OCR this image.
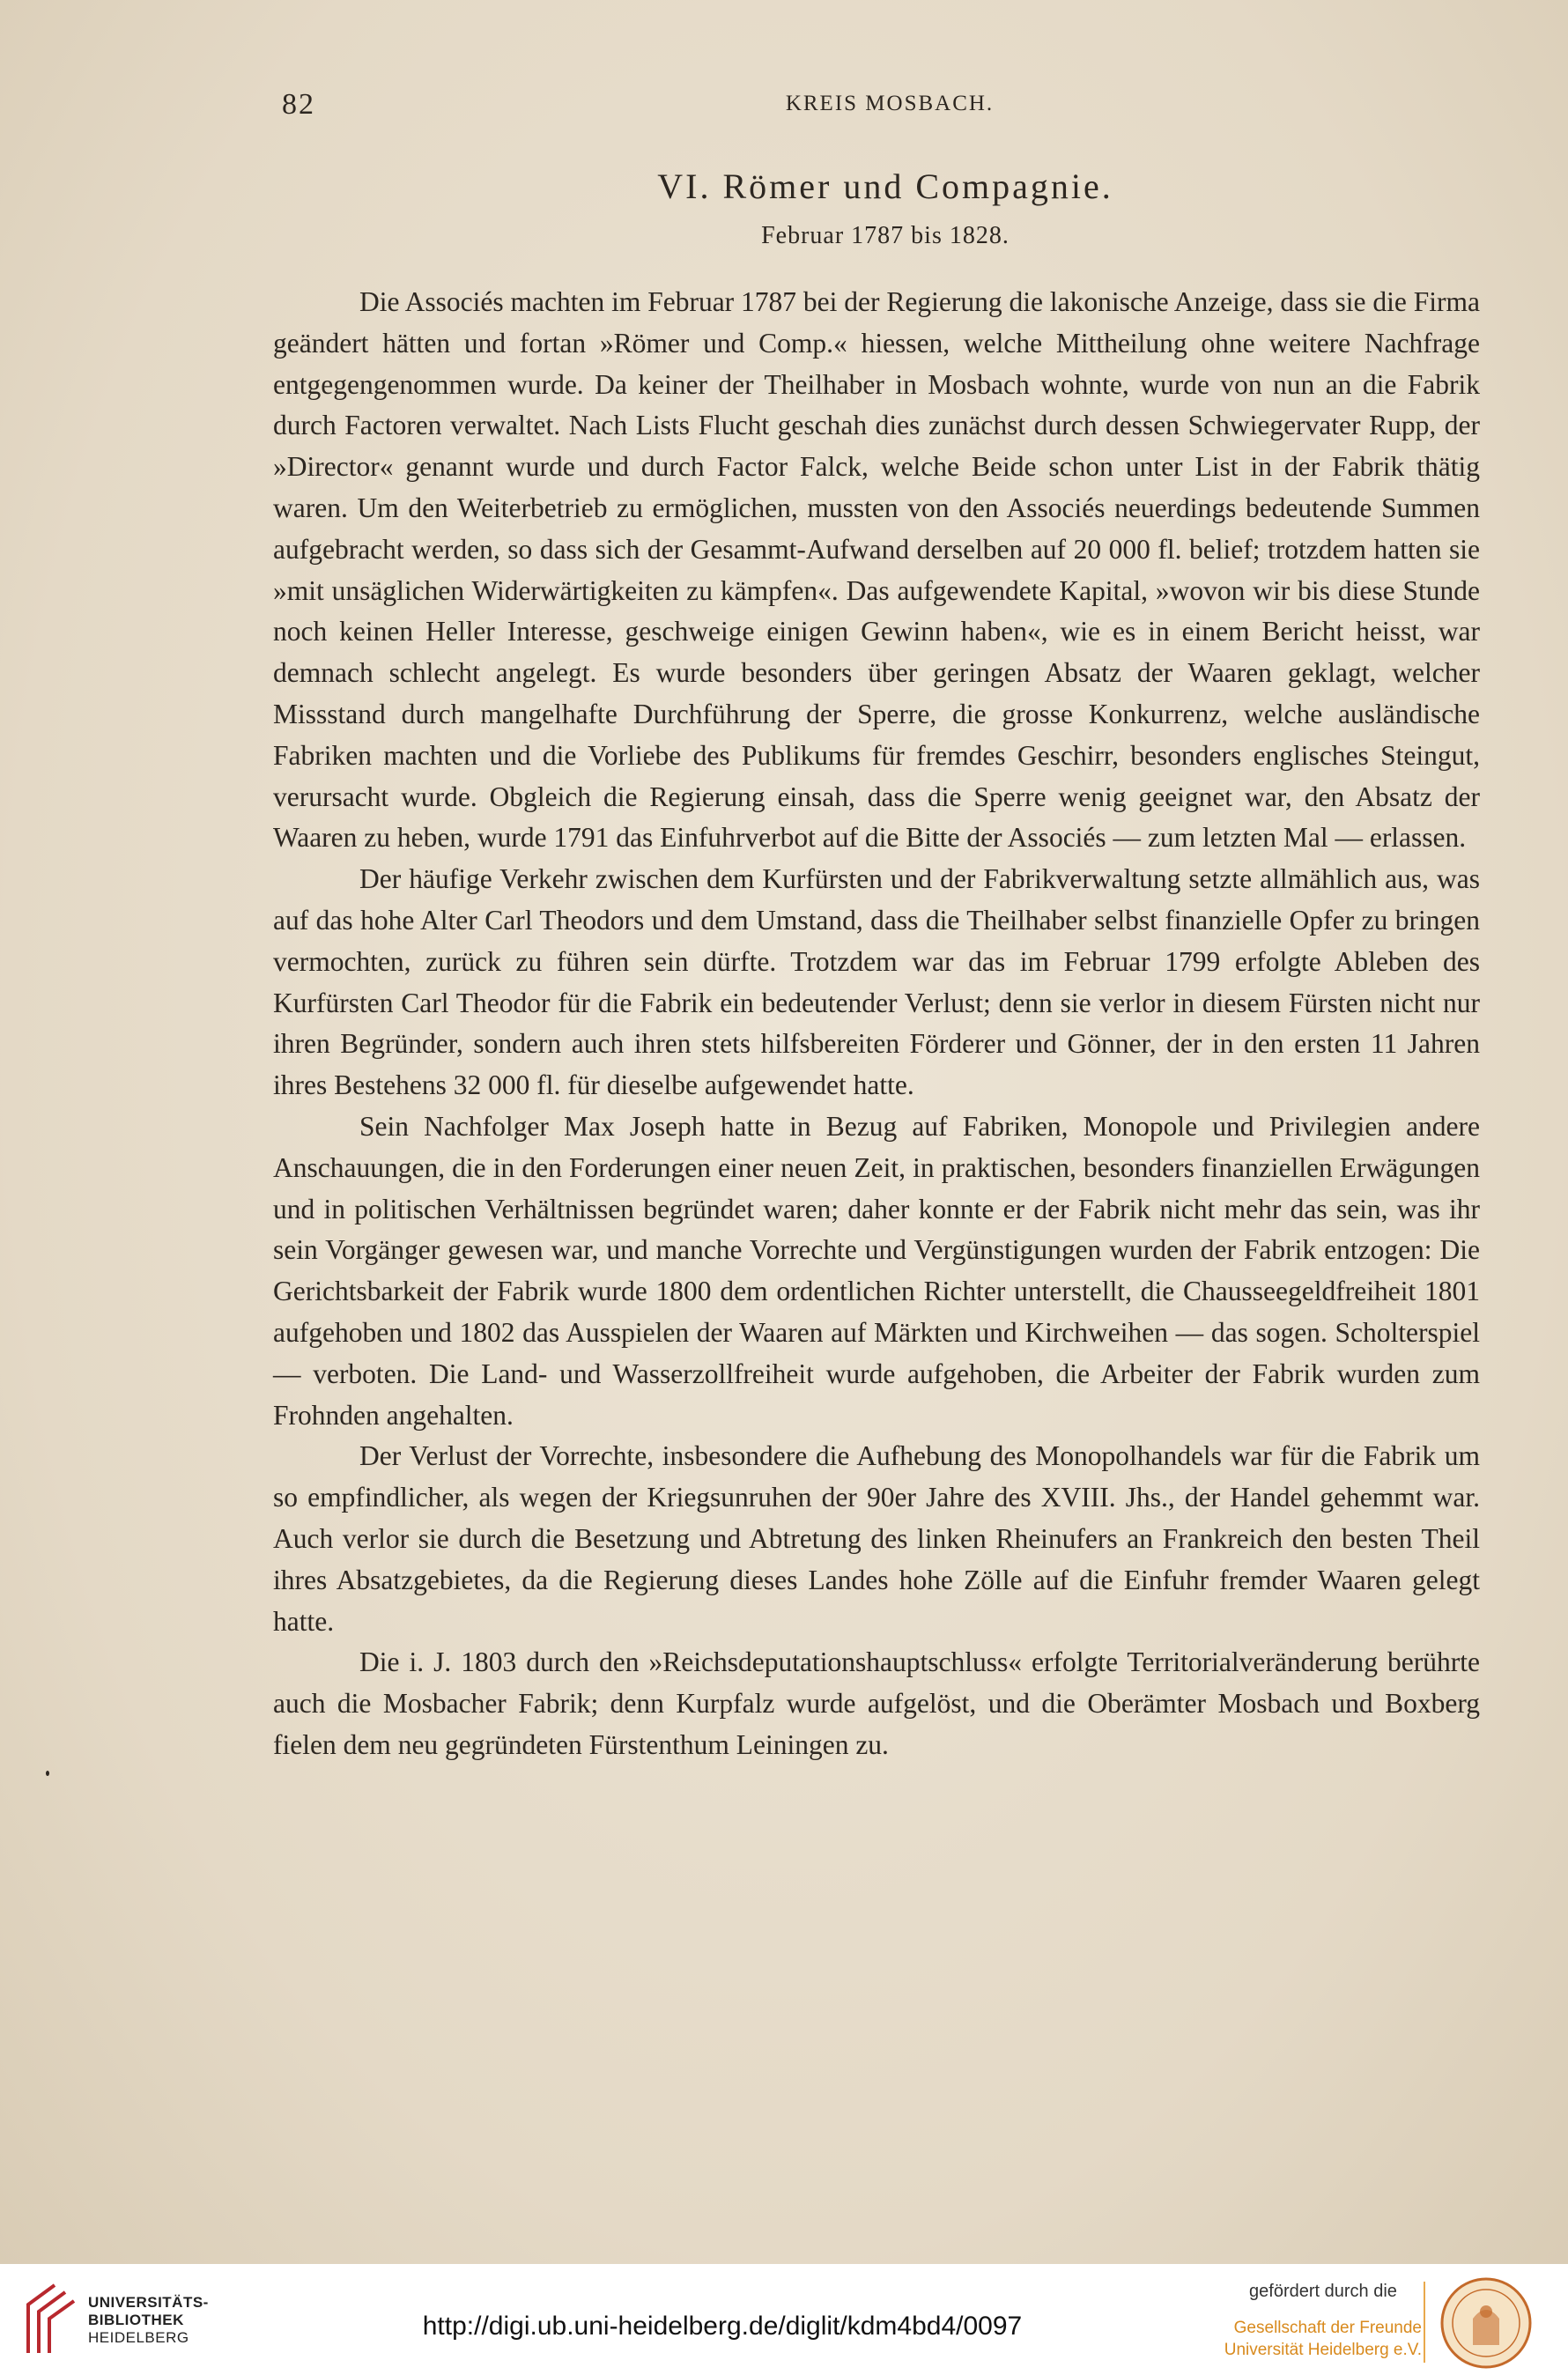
82	KREIS MOSBACH.
VI. Römer und Compagnie.
Februar 1787 bis 1828.

Die Associés machten im Februar 1787 bei der Regierung die lakonische Anzeige, dass sie die Firma geändert hätten und fortan »Römer und Comp.« hiessen, welche Mittheilung ohne weitere Nachfrage entgegengenommen wurde. Da keiner der Theilhaber in Mosbach wohnte, wurde von nun an die Fabrik durch Factoren verwaltet. Nach Lists Flucht geschah dies zunächst durch dessen Schwiegervater Rupp, der »Director« genannt wurde und durch Factor Falck, welche Beide schon unter List in der Fabrik thätig waren. Um den Weiterbetrieb zu ermöglichen, mussten von den Associés neuerdings bedeutende Summen aufgebracht werden, so dass sich der Gesammt-Aufwand derselben auf 20 000 fl. belief; trotzdem hatten sie »mit unsäglichen Widerwärtigkeiten zu kämpfen«. Das aufgewendete Kapital, »wovon wir bis diese Stunde noch keinen Heller Interesse, geschweige einigen Gewinn haben«, wie es in einem Bericht heisst, war demnach schlecht angelegt. Es wurde besonders über geringen Absatz der Waaren geklagt, welcher Missstand durch mangelhafte Durchführung der Sperre, die grosse Konkurrenz, welche ausländische Fabriken machten und die Vorliebe des Publikums für fremdes Geschirr, besonders englisches Steingut, verursacht wurde. Obgleich die Regierung einsah, dass die Sperre wenig geeignet war, den Absatz der Waaren zu heben, wurde 1791 das Einfuhrverbot auf die Bitte der Associés — zum letzten Mal — erlassen.

Der häufige Verkehr zwischen dem Kurfürsten und der Fabrikverwaltung setzte allmählich aus, was auf das hohe Alter Carl Theodors und dem Umstand, dass die Theilhaber selbst finanzielle Opfer zu bringen vermochten, zurück zu führen sein dürfte. Trotzdem war das im Februar 1799 erfolgte Ableben des Kurfürsten Carl Theodor für die Fabrik ein bedeutender Verlust; denn sie verlor in diesem Fürsten nicht nur ihren Begründer, sondern auch ihren stets hilfsbereiten Förderer und Gönner, der in den ersten 11 Jahren ihres Bestehens 32 000 fl. für dieselbe aufgewendet hatte.

Sein Nachfolger Max Joseph hatte in Bezug auf Fabriken, Monopole und Privilegien andere Anschauungen, die in den Forderungen einer neuen Zeit, in praktischen, besonders finanziellen Erwägungen und in politischen Verhältnissen begründet waren; daher konnte er der Fabrik nicht mehr das sein, was ihr sein Vorgänger gewesen war, und manche Vorrechte und Vergünstigungen wurden der Fabrik entzogen: Die Gerichtsbarkeit der Fabrik wurde 1800 dem ordentlichen Richter unterstellt, die Chausseegeldfreiheit 1801 aufgehoben und 1802 das Ausspielen der Waaren auf Märkten und Kirchweihen — das sogen. Scholterspiel — verboten. Die Land- und Wasserzollfreiheit wurde aufgehoben, die Arbeiter der Fabrik wurden zum Frohnden angehalten.

Der Verlust der Vorrechte, insbesondere die Aufhebung des Monopolhandels war für die Fabrik um so empfindlicher, als wegen der Kriegsunruhen der 90er Jahre des XVIII. Jhs., der Handel gehemmt war. Auch verlor sie durch die Besetzung und Abtretung des linken Rheinufers an Frankreich den besten Theil ihres Absatzgebietes, da die Regierung dieses Landes hohe Zölle auf die Einfuhr fremder Waaren gelegt hatte.

Die i. J. 1803 durch den »Reichsdeputationshauptschluss« erfolgte Territorialveränderung berührte auch die Mosbacher Fabrik; denn Kurpfalz wurde aufgelöst, und die Oberämter Mosbach und Boxberg fielen dem neu gegründeten Fürstenthum Leiningen zu.

UNIVERSITÄTS-
BIBLIOTHEK
HEIDELBERG	http://digi.ub.uni-heidelberg.de/diglit/kdm4bd4/0097
gefördert durch die
Gesellschaft der Freunde
Universität Heidelberg e.V.
